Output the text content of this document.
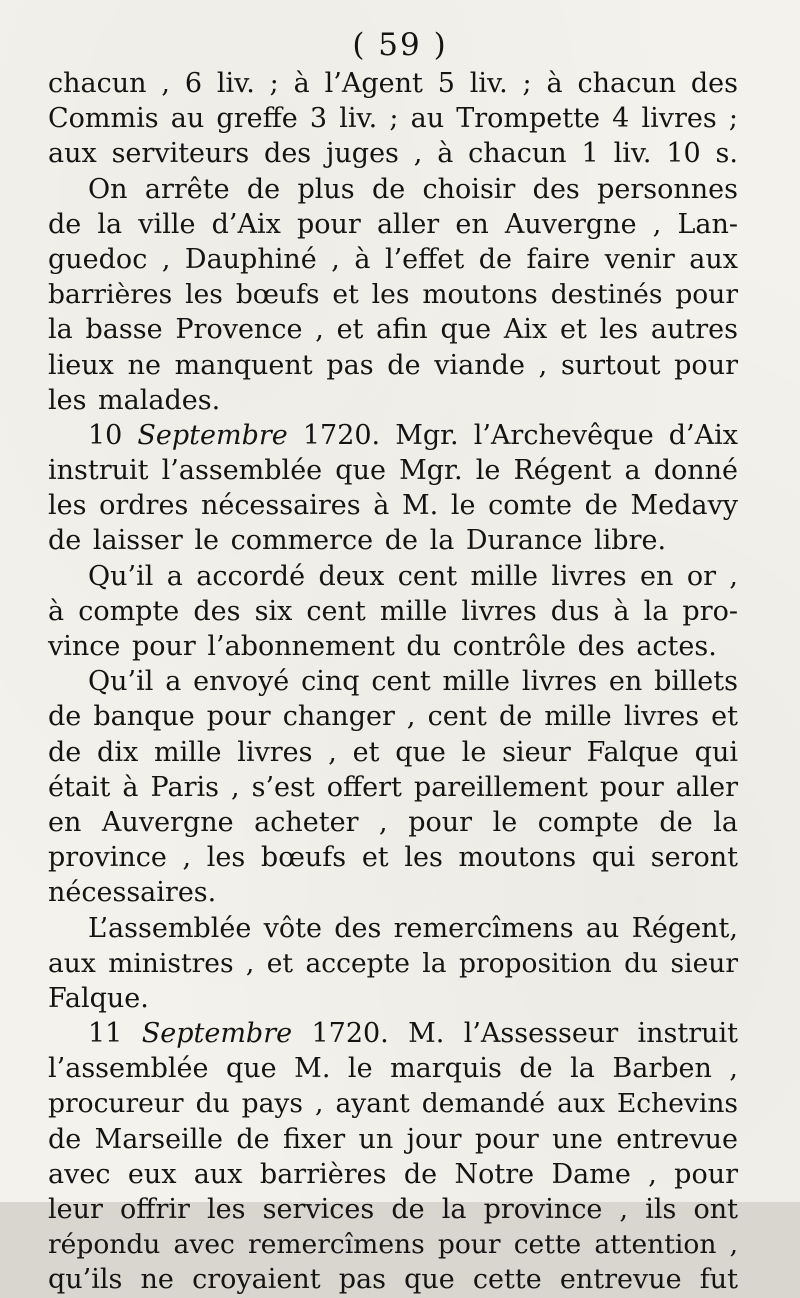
( 59 )
chacun , 6 liv. ; à l’Agent 5 liv. ; à chacun des
Commis au greffe 3 liv. ; au Trompette 4 livres ;
aux serviteurs des juges , à chacun 1 liv. 10 s.
On arrête de plus de choisir des personnes
de la ville d’Aix pour aller en Auvergne , Lan-
guedoc , Dauphiné , à l’effet de faire venir aux
barrières les bœufs et les moutons destinés pour
la basse Provence , et afin que Aix et les autres
lieux ne manquent pas de viande , surtout pour
les malades.
10 Septembre 1720. Mgr. l’Archevêque d’Aix
instruit l’assemblée que Mgr. le Régent a donné
les ordres nécessaires à M. le comte de Medavy
de laisser le commerce de la Durance libre.
Qu’il a accordé deux cent mille livres en or ,
à compte des six cent mille livres dus à la pro-
vince pour l’abonnement du contrôle des actes.
Qu’il a envoyé cinq cent mille livres en billets
de banque pour changer , cent de mille livres et
de dix mille livres , et que le sieur Falque qui
était à Paris , s’est offert pareillement pour aller
en Auvergne acheter , pour le compte de la
province , les bœufs et les moutons qui seront
nécessaires.
L’assemblée vôte des remercîmens au Régent,
aux ministres , et accepte la proposition du sieur
Falque.
11 Septembre 1720. M. l’Assesseur instruit
l’assemblée que M. le marquis de la Barben ,
procureur du pays , ayant demandé aux Echevins
de Marseille de fixer un jour pour une entrevue
avec eux aux barrières de Notre Dame , pour
leur offrir les services de la province , ils ont
répondu avec remercîmens pour cette attention ,
qu’ils ne croyaient pas que cette entrevue fut
